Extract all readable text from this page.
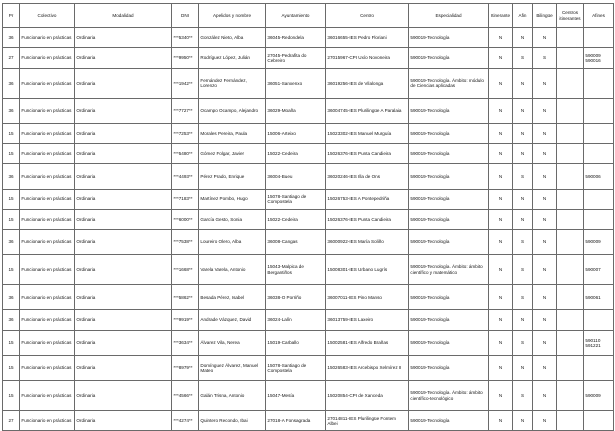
Pr	Colectivo	Modalidad	DNI	Apelidos y nombre	Ayuntamiento	Centro	Especialidad	Itinerante	Afin	Bilingüe	Centros itinerantes	Afines
36	Funcionario en prácticas	Ordinaria	***5340**	González Nieto, Alba	36045-Redondela	36016655-IES Pedro Floriani	590019-Tecnología	N	N	N		
27	Funcionario en prácticas	Ordinaria	***9950**	Rodríguez López, Julián	27045-Pedrafita do Cebreiro	27015967-CPI Uxío Novoneira	590019-Tecnología	N	S	S		590009 590016
36	Funcionario en prácticas	Ordinaria	***1942**	Fernández Fernández, Lorenzo	36051-Sanxenxo	36019256-IES de Vilalonga	590019-Tecnología. Ámbito: módulo de Ciencias aplicadas	N	N	N		
36	Funcionario en prácticas	Ordinaria	***7727**	Ocampo Ocampo, Alejandro	36029-Moaña	36004745-IES Plurilingüe A Paralaia	590019-Tecnología	N	N	N		
15	Funcionario en prácticas	Ordinaria	***7253**	Morales Pereira, Paula	15006-Arteixo	15023302-IES Manuel Murguía	590019-Tecnología	N	N	N		
15	Funcionario en prácticas	Ordinaria	***5480**	Gómez Folgar, Javier	15022-Cedeira	15026376-IES Punta Candieira	590019-Tecnología	N	N	N		
36	Funcionario en prácticas	Ordinaria	***4493**	Pérez Prado, Enrique	36004-Bueu	36020246-IES Illa de Ons	590019-Tecnología	N	S	N		590006
15	Funcionario en prácticas	Ordinaria	***7183**	Martínez Pombo, Hugo	15078-Santiago de Compostela	15026753-IES A Pontepedriña	590019-Tecnología	N	N	N		
15	Funcionario en prácticas	Ordinaria	***6000**	García Gesto, Sonia	15022-Cedeira	15026376-IES Punta Candieira	590019-Tecnología	N	N	N		
36	Funcionario en prácticas	Ordinaria	***7538**	Loureiro Olero, Alba	36008-Cangas	36000922-IES María Soliño	590019-Tecnología	N	S	N		590009
15	Funcionario en prácticas	Ordinaria	***1668**	Varela Varela, Antonio	15043-Malpica de Bergantiños	15008301-IES Urbano Lugrís	590019-Tecnología. Ámbito: ámbito científico y matemático	N	S	N		590007
36	Funcionario en prácticas	Ordinaria	***5862**	Besada Pérez, Isabel	36038-O Porriño	36007011-IES Pino Manso	590019-Tecnología	N	S	N		590061
36	Funcionario en prácticas	Ordinaria	***9919**	Andrade Vázquez, David	36024-Lalín	36013759-IES Laxeiro	590019-Tecnología	N	N	N		
15	Funcionario en prácticas	Ordinaria	***3634**	Álvarez Vila, Nerea	15019-Carballo	15002581-IES Alfredo Brañas	590019-Tecnología	N	S	N		590110 591221
15	Funcionario en prácticas	Ordinaria	***8979**	Domínguez Álvarez, Manuel Mateo	15078-Santiago de Compostela	15026583-IES Arcebispo Xelmírez II	590019-Tecnología	N	N	N		
15	Funcionario en prácticas	Ordinaria	***4566**	Galán Trisna, Antonio	15047-Mesía	15020854-CPI de Xanceda	590019-Tecnología. Ámbito: ámbito científico-tecnológico	N	S	N		590009
27	Funcionario en prácticas	Ordinaria	***4274**	Quintero Recondo, Ibai	27018-A Fonsagrada	27014811-IES Plurilingüe Fontem Albei	590019-Tecnología	N	N	N		
